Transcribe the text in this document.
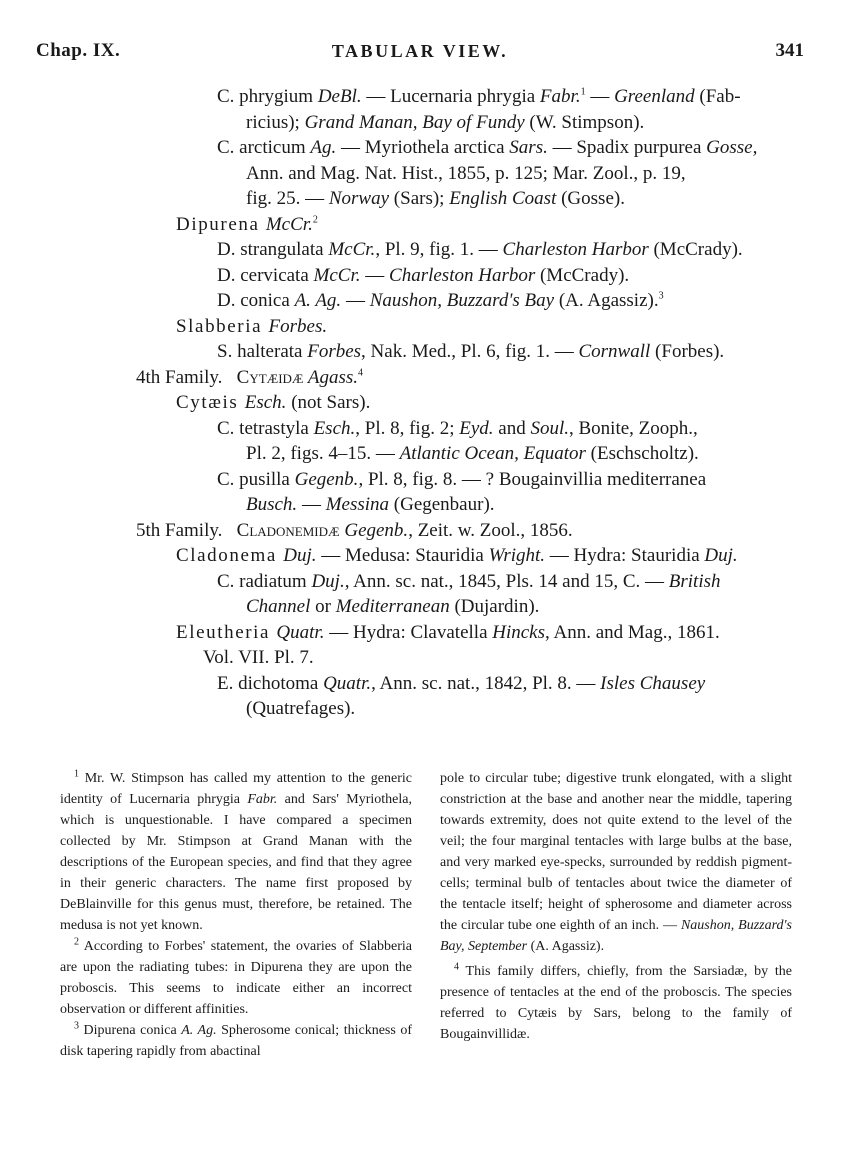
Chap. IX.	TABULAR VIEW.	341
C. phrygium DeBl. — Lucernaria phrygia Fabr.$^1$ — Greenland (Fab-
ricius); Grand Manan, Bay of Fundy (W. Stimpson).
C. arcticum Ag. — Myriothela arctica Sars. — Spadix purpurea Gosse,
Ann. and Mag. Nat. Hist., 1855, p. 125; Mar. Zool., p. 19,
fig. 25. — Norway (Sars); English Coast (Gosse).
Dipurena McCr.$^2$
D. strangulata McCr., Pl. 9, fig. 1. — Charleston Harbor (McCrady).
D. cervicata McCr. — Charleston Harbor (McCrady).
D. conica A. Ag. — Naushon, Buzzard's Bay (A. Agassiz).$^3$
Slabberia Forbes.
S. halterata Forbes, Nak. Med., Pl. 6, fig. 1. — Cornwall (Forbes).
4th Family. Cytæidæ Agass.$^4$
Cytæis Esch. (not Sars).
C. tetrastyla Esch., Pl. 8, fig. 2; Eyd. and Soul., Bonite, Zooph.,
Pl. 2, figs. 4–15. — Atlantic Ocean, Equator (Eschscholtz).
C. pusilla Gegenb., Pl. 8, fig. 8. — ? Bougainvillia mediterranea
Busch. — Messina (Gegenbaur).
5th Family. Cladonemidæ Gegenb., Zeit. w. Zool., 1856.
Cladonema Duj. — Medusa: Stauridia Wright. — Hydra: Stauridia Duj.
C. radiatum Duj., Ann. sc. nat., 1845, Pls. 14 and 15, C. — British
Channel or Mediterranean (Dujardin).
Eleutheria Quatr. — Hydra: Clavatella Hincks, Ann. and Mag., 1861.
Vol. VII. Pl. 7.
E. dichotoma Quatr., Ann. sc. nat., 1842, Pl. 8. — Isles Chausey
(Quatrefages).

$^1$ Mr. W. Stimpson has called my attention to the generic identity of Lucernaria phrygia Fabr. and Sars' Myriothela, which is unquestionable. I have compared a specimen collected by Mr. Stimpson at Grand Manan with the descriptions of the European species, and find that they agree in their generic characters. The name first proposed by DeBlainville for this genus must, therefore, be retained. The medusa is not yet known.

$^2$ According to Forbes' statement, the ovaries of Slabberia are upon the radiating tubes: in Dipurena they are upon the proboscis. This seems to indicate either an incorrect observation or different affinities.

$^3$ Dipurena conica A. Ag. Spherosome conical; thickness of disk tapering rapidly from abactinal

pole to circular tube; digestive trunk elongated, with a slight constriction at the base and another near the middle, tapering towards extremity, does not quite extend to the level of the veil; the four marginal tentacles with large bulbs at the base, and very marked eye-specks, surrounded by reddish pigment-cells; terminal bulb of tentacles about twice the diameter of the tentacle itself; height of spherosome and diameter across the circular tube one eighth of an inch. — Naushon, Buzzard's Bay, September (A. Agassiz).

$^4$ This family differs, chiefly, from the Sarsiadæ, by the presence of tentacles at the end of the proboscis. The species referred to Cytæis by Sars, belong to the family of Bougainvillidæ.
